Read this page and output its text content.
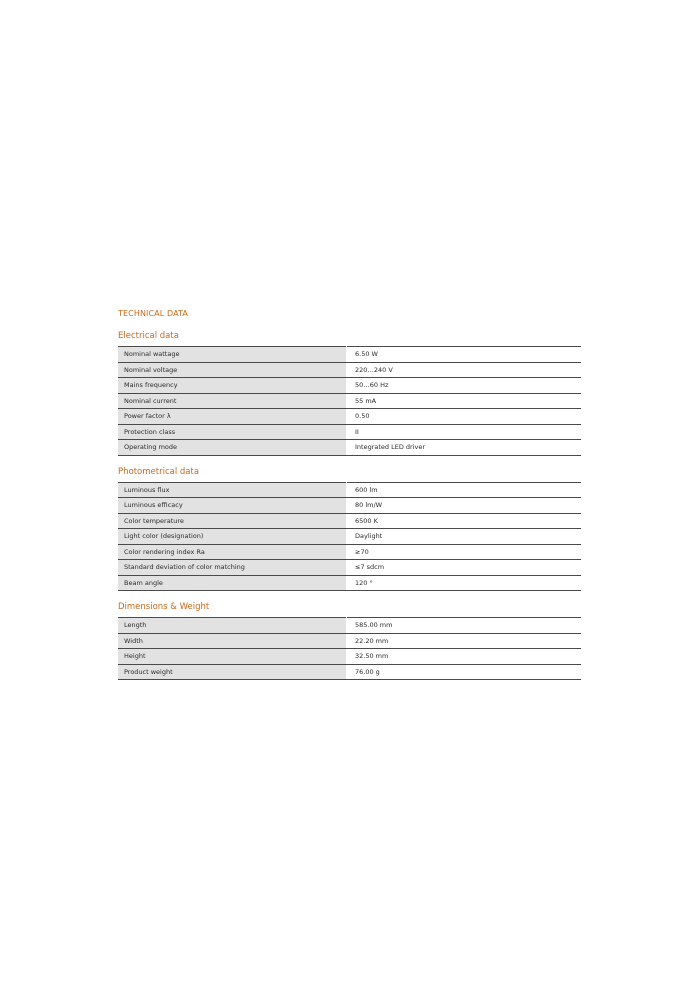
TECHNICAL DATA
Electrical data
Nominal wattage	6.50 W
Nominal voltage	220…240 V
Mains frequency	50…60 Hz
Nominal current	55 mA
Power factor λ	0.50
Protection class	II
Operating mode	Integrated LED driver
Photometrical data
Luminous flux	600 lm
Luminous efficacy	80 lm/W
Color temperature	6500 K
Light color (designation)	Daylight
Color rendering index Ra	≥70
Standard deviation of color matching	≤7 sdcm
Beam angle	120 °
Dimensions & Weight
Length	585.00 mm
Width	22.20 mm
Height	32.50 mm
Product weight	76.00 g
